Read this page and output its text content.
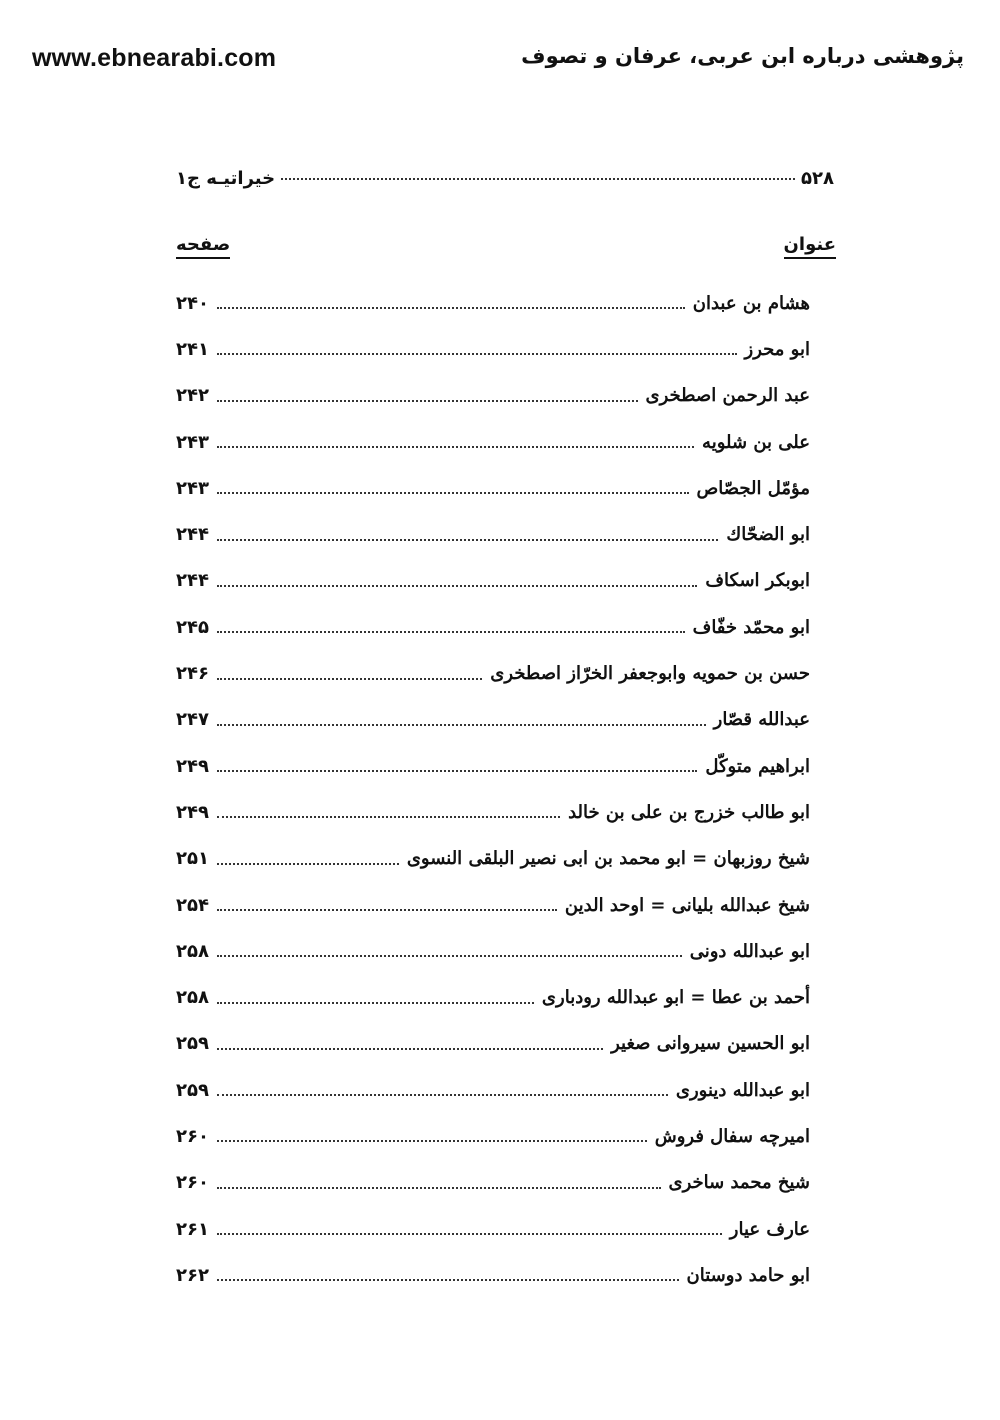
www.ebnearabi.com	پژوهشی درباره ابن عربی، عرفان و تصوف
۵۲۸
خیراتیـه ج۱
عنوان
صفحه
هشام بن عبدان
۲۴۰
ابو محرز
۲۴۱
عبد الرحمن اصطخری
۲۴۲
علی بن شلویه
۲۴۳
مؤمّل الجصّاص
۲۴۳
ابو الضحّاك
۲۴۴
ابوبکر اسکاف
۲۴۴
ابو محمّد خفّاف
۲۴۵
حسن بن حمویه وابوجعفر الخرّاز اصطخری
۲۴۶
عبدالله قصّار
۲۴۷
ابراهیم متوکّل
۲۴۹
ابو طالب خزرج بن علی بن خالد
۲۴۹
شیخ روزبهان = ابو محمد بن ابی نصیر البلقی النسوی
۲۵۱
شیخ عبدالله بلیانی = اوحد الدین
۲۵۴
ابو عبدالله دونی
۲۵۸
أحمد بن عطا = ابو عبدالله رودباری
۲۵۸
ابو الحسین سیروانی صغیر
۲۵۹
ابو عبدالله دینوری
۲۵۹
امیرچه سفال فروش
۲۶۰
شیخ محمد ساخری
۲۶۰
عارف عیار
۲۶۱
ابو حامد دوستان
۲۶۲
